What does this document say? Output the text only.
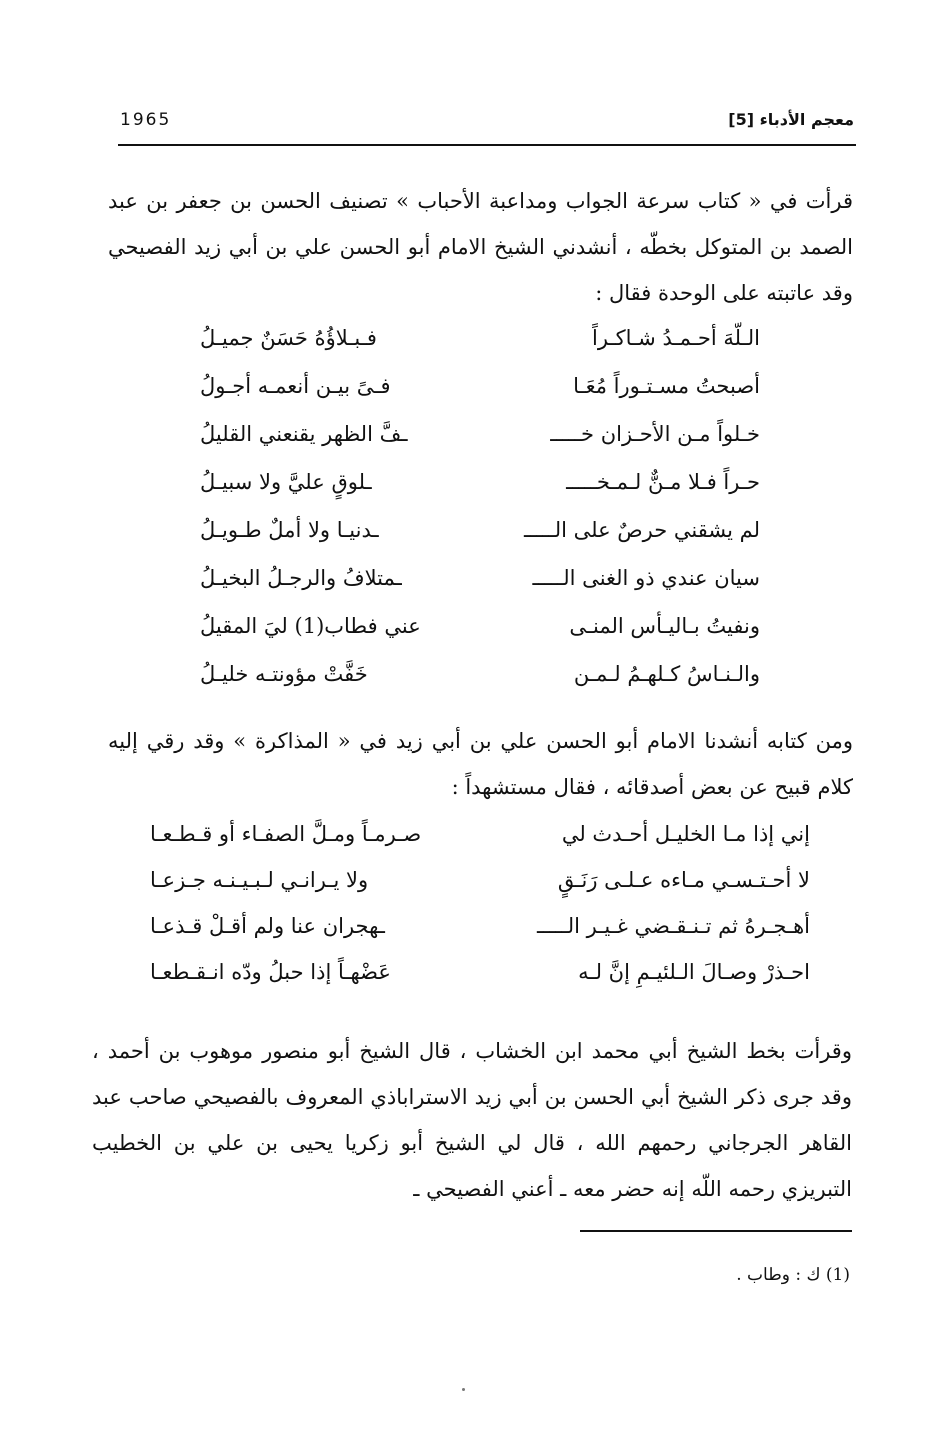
1965	معجم الأدباء [5]
قرأت في « كتاب سرعة الجواب ومداعبة الأحباب » تصنيف الحسن بن جعفر بن عبد الصمد بن المتوكل بخطّه ، أنشدني الشيخ الامام أبو الحسن علي بن أبي زيد الفصيحي وقد عاتبته على الوحدة فقال :
الـلّهَ أحـمـدُ شـاكـراً
فـبـلاؤُهُ حَسَنٌ جميـلُ
أصبحتُ مسـتـوراً مُعَـا
فـىً بيـن أنعمـه أجـولُ
خـلواً مـن الأحـزان خـــــ
ـفَّ الظهر يقنعني القليلُ
حـراً فـلا مـنٌّ لـمـخـــــ
ـلوقٍ عليَّ ولا سبيـلُ
لم يشقني حرصٌ على الـــــ
ـدنيـا ولا أملٌ طـويـلُ
سيان عندي ذو الغنى الـــــ
ـمتلافُ والرجـلُ البخيـلُ
ونفيتُ بـاليـأس المنـى
عني فطاب(1) ليَ المقيلُ
والـنـاسُ كـلهـمُ لـمـن
خَفَّتْ مؤونتـه خليـلُ
ومن كتابه أنشدنا الامام أبو الحسن علي بن أبي زيد في « المذاكرة » وقد رقي إليه كلام قبيح عن بعض أصدقائه ، فقال مستشهداً :
إني إذا مـا الخليـل أحـدث لي
صـرمـاً ومـلَّ الصفـاء أو قـطـعـا
لا أحـتـسـي مـاءه عـلـى رَنَـقٍ
ولا يـرانـي لـبـيـنـه جـزعـا
أهـجـرهُ ثم تـنـقـضي غـيـر الـــــ
ـهجران عنا ولم أقـلْ قـذعـا
احـذرْ وصـالَ الـلئيـمِ إنَّ لـه
عَضْهـاً إذا حبلُ ودّه انـقـطعـا
وقرأت بخط الشيخ أبي محمد ابن الخشاب ، قال الشيخ أبو منصور موهوب بن أحمد ، وقد جرى ذكر الشيخ أبي الحسن بن أبي زيد الاستراباذي المعروف بالفصيحي صاحب عبد القاهر الجرجاني رحمهم الله ، قال لي الشيخ أبو زكريا يحيى بن علي بن الخطيب التبريزي رحمه اللّه إنه حضر معه ـ أعني الفصيحي ـ
(1) ك : وطاب .
